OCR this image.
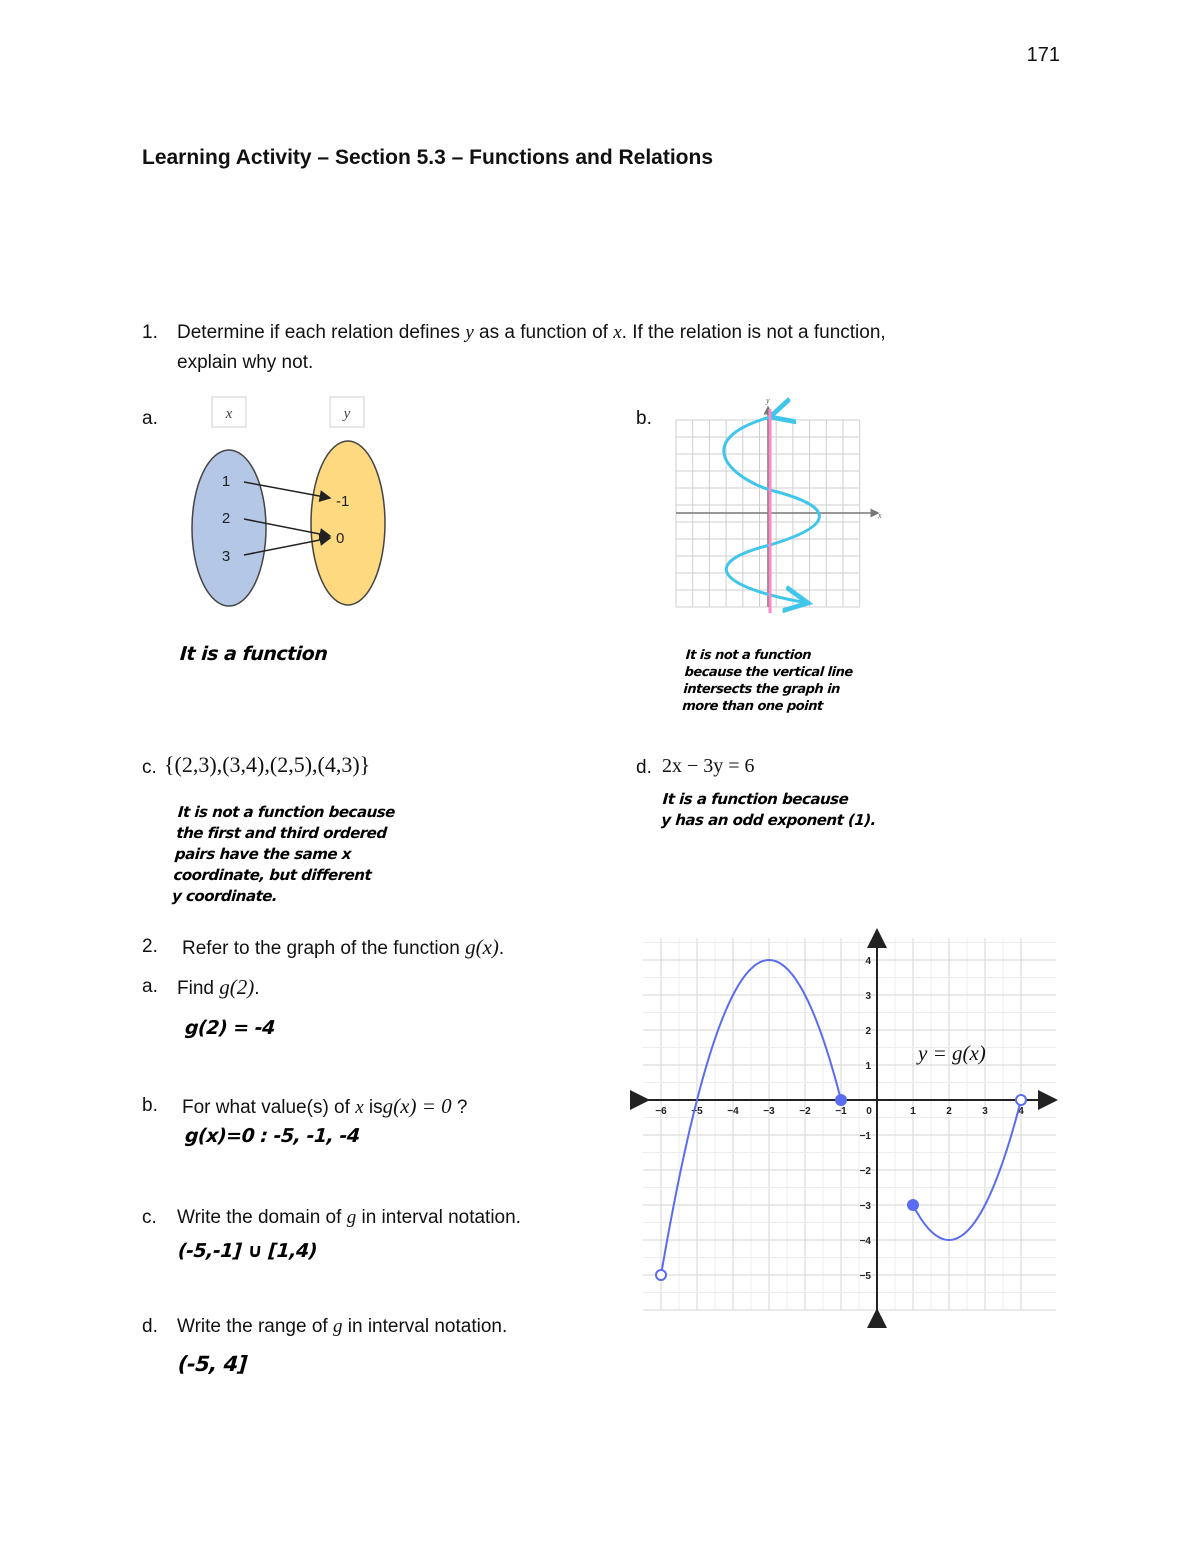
171
Learning Activity – Section 5.3 – Functions and Relations
1. Determine if each relation defines y as a function of x. If the relation is not a function,
explain why not.
a.	x	y
1
2
3
-1
0
It is a function
b.
x
y
It is not a function
because the vertical line
intersects the graph in
more than one point
c. {(2,3),(3,4),(2,5),(4,3)}
It is not a function because
the first and third ordered
pairs have the same x
coordinate, but different
y coordinate.
d. 2x − 3y = 6
It is a function because
y has an odd exponent (1).
2. Refer to the graph of the function g(x).
a. Find g(2).
g(2) = -4
b. For what value(s) of x isg(x) = 0 ?
g(x)=0 : -5, -1, -4
c. Write the domain of g in interval notation.
(-5,-1] ∪ [1,4)
d. Write the range of g in interval notation.
(-5, 4]
−6 −5 −4 −3 −2 −1 0	1	2	3	4
4
3
2
1
−1
−2
−3
−4
−5
y = g(x)
